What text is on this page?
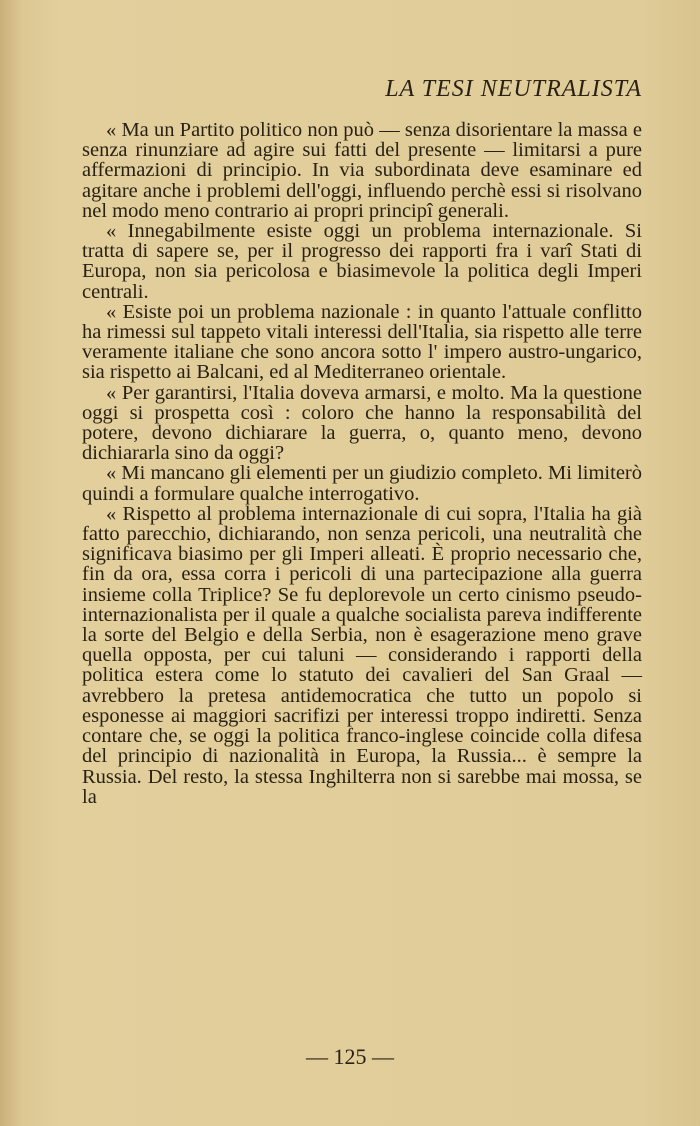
LA TESI NEUTRALISTA

« Ma un Partito politico non può — senza disorientare la massa e senza rinunziare ad agire sui fatti del presente — limitarsi a pure affermazioni di principio. In via subordinata deve esaminare ed agitare anche i problemi dell'oggi, influendo perchè essi si risolvano nel modo meno contrario ai propri principî generali.

« Innegabilmente esiste oggi un problema internazionale. Si tratta di sapere se, per il progresso dei rapporti fra i varî Stati di Europa, non sia pericolosa e biasimevole la politica degli Imperi centrali.

« Esiste poi un problema nazionale : in quanto l'attuale conflitto ha rimessi sul tappeto vitali interessi dell'Italia, sia rispetto alle terre veramente italiane che sono ancora sotto l' impero austro-ungarico, sia rispetto ai Balcani, ed al Mediterraneo orientale.

« Per garantirsi, l'Italia doveva armarsi, e molto. Ma la questione oggi si prospetta così : coloro che hanno la responsabilità del potere, devono dichiarare la guerra, o, quanto meno, devono dichiararla sino da oggi?

« Mi mancano gli elementi per un giudizio completo. Mi limiterò quindi a formulare qualche interrogativo.

« Rispetto al problema internazionale di cui sopra, l'Italia ha già fatto parecchio, dichiarando, non senza pericoli, una neutralità che significava biasimo per gli Imperi alleati. È proprio necessario che, fin da ora, essa corra i pericoli di una partecipazione alla guerra insieme colla Triplice? Se fu deplorevole un certo cinismo pseudo-internazionalista per il quale a qualche socialista pareva indifferente la sorte del Belgio e della Serbia, non è esagerazione meno grave quella opposta, per cui taluni — considerando i rapporti della politica estera come lo statuto dei cavalieri del San Graal — avrebbero la pretesa antidemocratica che tutto un popolo si esponesse ai maggiori sacrifizi per interessi troppo indiretti. Senza contare che, se oggi la politica franco-inglese coincide colla difesa del principio di nazionalità in Europa, la Russia... è sempre la Russia. Del resto, la stessa Inghilterra non si sarebbe mai mossa, se la

— 125 —
